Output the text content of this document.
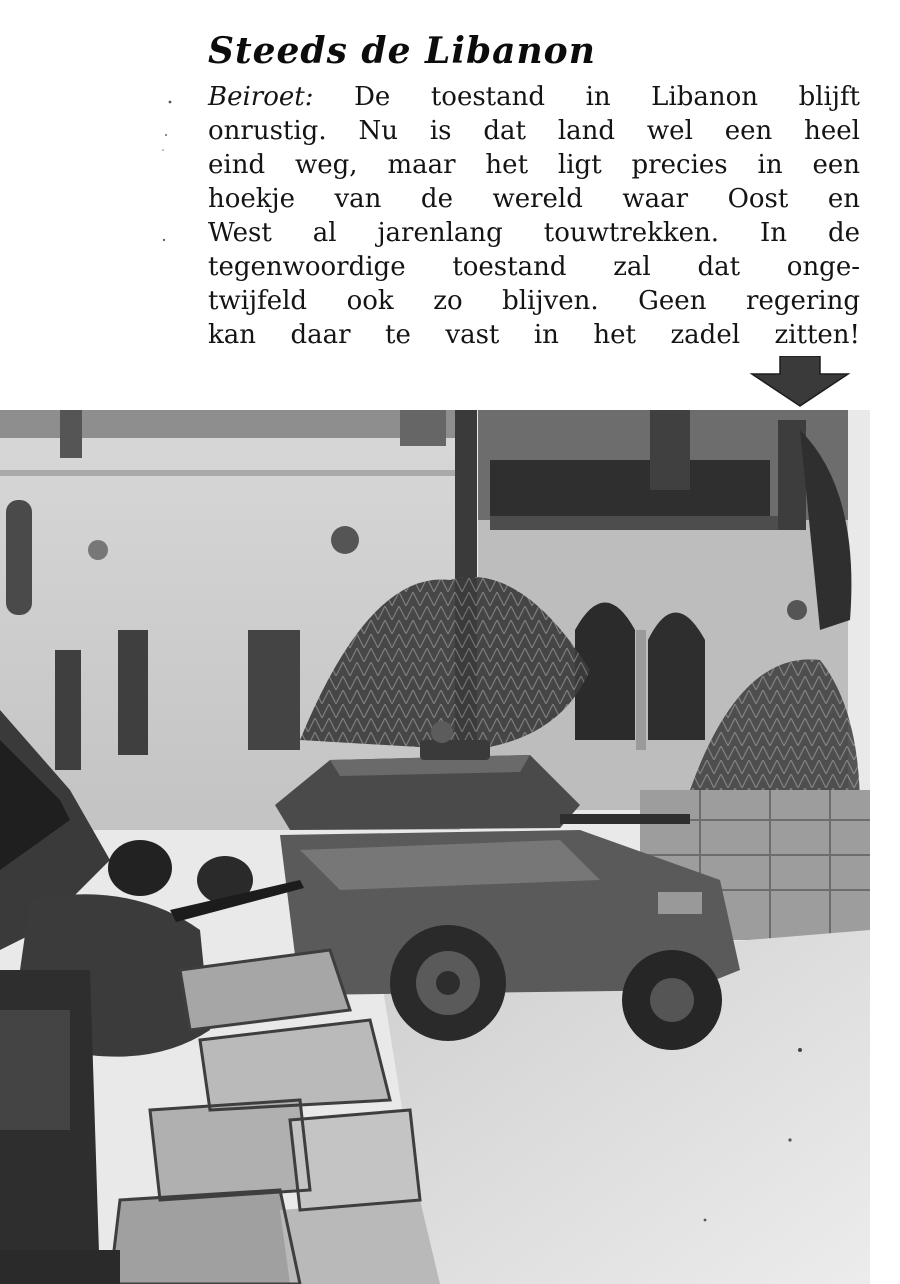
Steeds de Libanon
Beiroet: De toestand in Libanon blijft
onrustig. Nu is dat land wel een heel
eind weg, maar het ligt precies in een
hoekje van de wereld waar Oost en
West al jarenlang touwtrekken. In de
tegenwoordige toestand zal dat onge-
twijfeld ook zo blijven. Geen regering
kan daar te vast in het zadel zitten!
